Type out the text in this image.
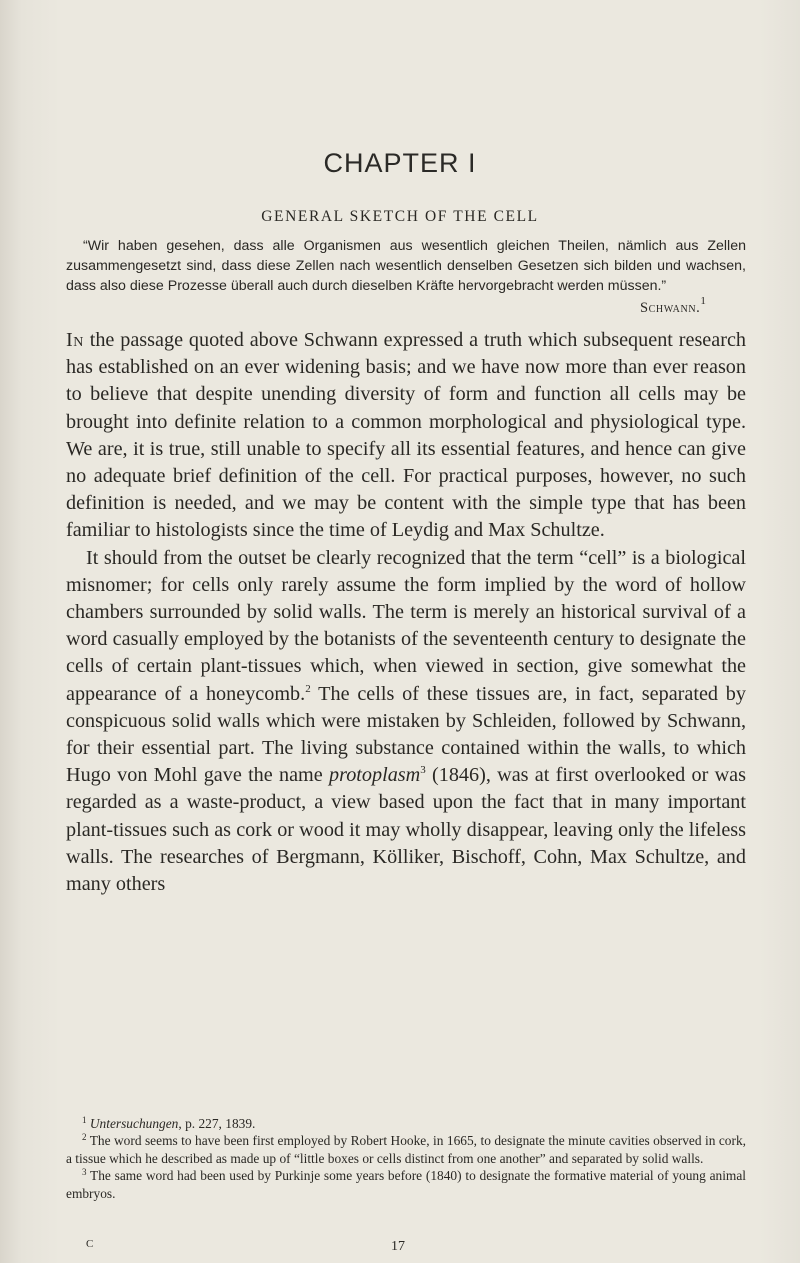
CHAPTER I
GENERAL SKETCH OF THE CELL
“Wir haben gesehen, dass alle Organismen aus wesentlich gleichen Theilen, nämlich aus Zellen zusammengesetzt sind, dass diese Zellen nach wesentlich denselben Gesetzen sich bilden und wachsen, dass also diese Prozesse überall auch durch dieselben Kräfte hervorgebracht werden müssen.”
Schwann.$^1$

In the passage quoted above Schwann expressed a truth which subsequent research has established on an ever widening basis; and we have now more than ever reason to believe that despite unending diversity of form and function all cells may be brought into definite relation to a common morphological and physiological type. We are, it is true, still unable to specify all its essential features, and hence can give no adequate brief definition of the cell. For practical purposes, however, no such definition is needed, and we may be content with the simple type that has been familiar to histologists since the time of Leydig and Max Schultze.

It should from the outset be clearly recognized that the term “cell” is a biological misnomer; for cells only rarely assume the form implied by the word of hollow chambers surrounded by solid walls. The term is merely an historical survival of a word casually employed by the botanists of the seventeenth century to designate the cells of certain plant-tissues which, when viewed in section, give somewhat the appearance of a honeycomb.$^2$ The cells of these tissues are, in fact, separated by conspicuous solid walls which were mistaken by Schleiden, followed by Schwann, for their essential part. The living substance contained within the walls, to which Hugo von Mohl gave the name protoplasm$^3$ (1846), was at first overlooked or was regarded as a waste-product, a view based upon the fact that in many important plant-tissues such as cork or wood it may wholly disappear, leaving only the lifeless walls. The researches of Bergmann, Kölliker, Bischoff, Cohn, Max Schultze, and many others

$^1$ Untersuchungen, p. 227, 1839.

$^2$ The word seems to have been first employed by Robert Hooke, in 1665, to designate the minute cavities observed in cork, a tissue which he described as made up of “little boxes or cells distinct from one another” and separated by solid walls.

$^3$ The same word had been used by Purkinje some years before (1840) to designate the formative material of young animal embryos.

C	17
